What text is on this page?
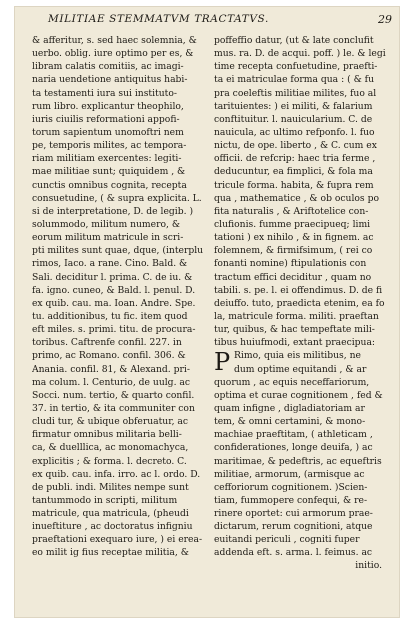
MILITIAE STEMMATVM TRACTATVS.	29
& afferitur, s. sed haec solemnia, &
uerbo. oblig. iure optimo per es, &
libram calatis comitiis, ac imagi-
naria uendetione antiquitus habi-
ta testamenti iura sui instituto-
rum libro. explicantur theophilo,
iuris ciuilis reformationi appofi-
torum sapientum unomoftri nem
pe, temporis milites, ac tempora-
riam militiam exercentes: legiti-
mae militiae sunt; quiquidem , &
cunctis omnibus cognita, recepta
consuetudine, ( & supra explicita. L.
si de interpretatione, D. de legib. )
solummodo, militum numero, &
eorum militum matricule in scri-
pti milites sunt quae, dque, (interplu
rimos, Iaco. a rane. Cino. Bald. &
Sali. deciditur l. prima. C. de iu. &
fa. igno. cuneo, & Bald. l. penul. D.
ex quib. cau. ma. Ioan. Andre. Spe.
tu. additionibus, tu fic. item quod
eft miles. s. primi. titu. de procura-
toribus. Caftrenfe confil. 227. in
primo, ac Romano. confil. 306. &
Anania. confil. 81, & Alexand. pri-
ma colum. l. Centurio, de uulg. ac
Socci. num. tertio, & quarto confil.
37. in tertio, & ita communiter con
cludi tur, & ubique obferuatur, ac
firmatur omnibus militaria belli-
ca, & duelllica, ac monomachyca,
explicitis ; & forma. l. decreto. C.
ex quib. cau. infa. irro. ac l. ordo. D.
de publi. indi. Milites nempe sunt
tantummodo in scripti, militum
matricule, qua matricula, (pheudi
inueftiture , ac doctoratus infigniu
praeftationi exequaro iure, ) ei erea-
eo milit ig fius receptae militia, &
poffeffio datur, (ut & late conclufit
mus. ra. D. de acqui. poff. ) le. & legi
time recepta confuetudine, praefti-
ta ei matriculae forma qua : ( & fu
pra coeleftis militiae milites, fuo al
tarituientes: ) ei militi, & falarium
conftituitur. l. nauicularium. C. de
nauicula, ac ultimo refponfo. l. fuo
nictu, de ope. liberto , & C. cum ex
officii. de refcrip: haec tria ferme ,
deducuntur, ea fimplici, & fola ma
tricule forma. habita, & fupra rem
qua , mathematice , & ob oculos po
fita naturalis , & Ariftotelice con-
clufionis. fumme praecipueq; limi
tationi ) ex nihilo , & in fignem. ac
folemnem, & firmifsimum, ( rei co
fonanti nomine) ftipulationis con
tractum effici deciditur , quam no
tabili. s. pe. l. ei offendimus. D. de fi
deiuffo. tuto, praedicta etenim, ea fo
la, matricule forma. militi. praeftan
tur, quibus, & hac tempeftate mili-
tibus huiufmodi, extant praecipua:
P Rimo, quia eis militibus, ne
dum optime equitandi , & ar
quorum , ac equis neceffariorum,
optima et curae cognitionem , fed &
quam infigne , digladiatoriam ar
tem, & omni certamini, & mono-
machiae praeftitam, ( athleticam ,
confiderationes, longe deuifa, ) ac
maritimae, & pedeftris, ac equeftris
militiae, armorum, (armisque ac
cefforiorum cognitionem. )Scien-
tiam, fummopere confequi, & re-
rinere oportet: cui armorum prae-
dictarum, rerum cognitioni, atque
euitandi periculi , cogniti fuper
addenda eft. s. arma. l. feimus. ac
initio.
